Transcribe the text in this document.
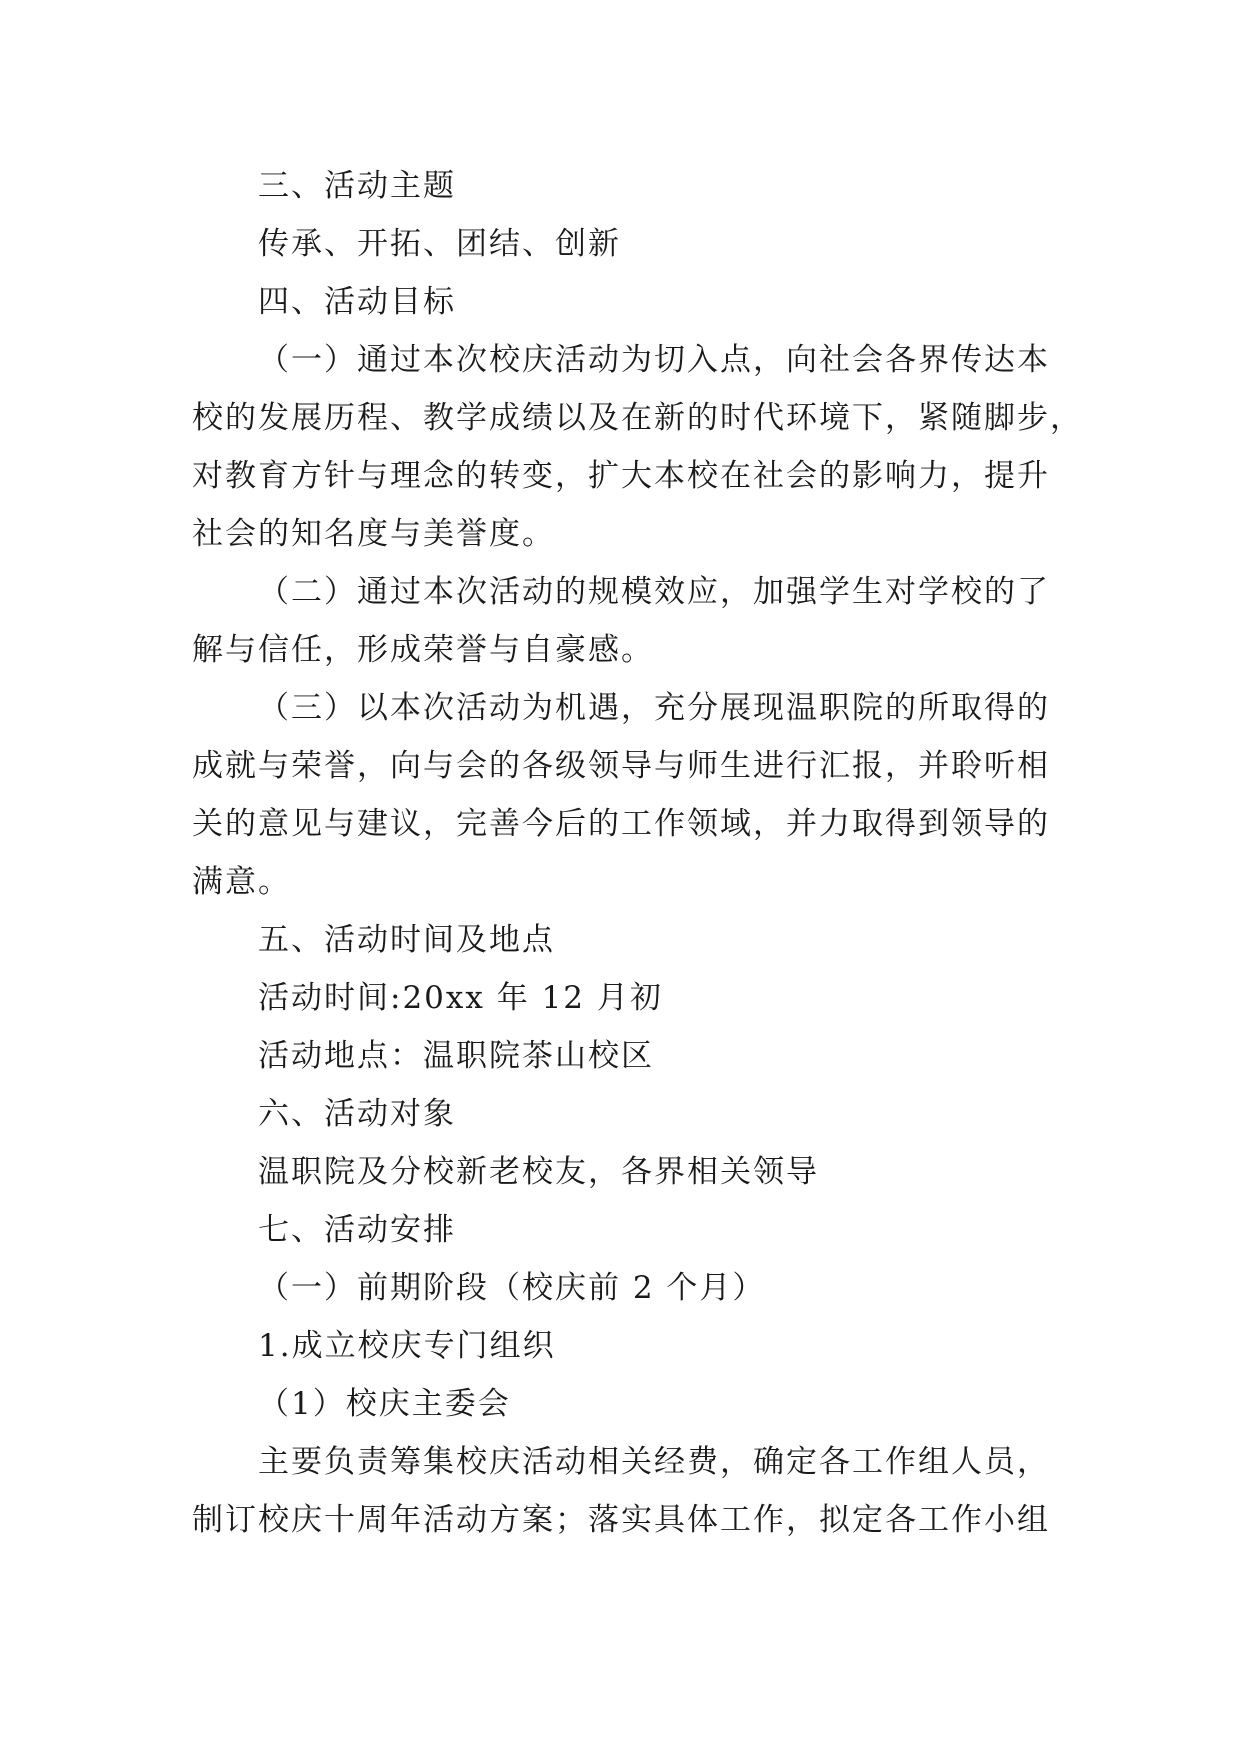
三、活动主题
传承、开拓、团结、创新
四、活动目标
（一）通过本次校庆活动为切入点，向社会各界传达本
校的发展历程、教学成绩以及在新的时代环境下，紧随脚步，
对教育方针与理念的转变，扩大本校在社会的影响力，提升
社会的知名度与美誉度。
（二）通过本次活动的规模效应，加强学生对学校的了
解与信任，形成荣誉与自豪感。
（三）以本次活动为机遇，充分展现温职院的所取得的
成就与荣誉，向与会的各级领导与师生进行汇报，并聆听相
关的意见与建议，完善今后的工作领域，并力取得到领导的
满意。
五、活动时间及地点
活动时间:20xx 年 12 月初
活动地点：温职院茶山校区
六、活动对象
温职院及分校新老校友，各界相关领导
七、活动安排
（一）前期阶段（校庆前 2 个月）
1.成立校庆专门组织
（1）校庆主委会
主要负责筹集校庆活动相关经费，确定各工作组人员，
制订校庆十周年活动方案；落实具体工作，拟定各工作小组
